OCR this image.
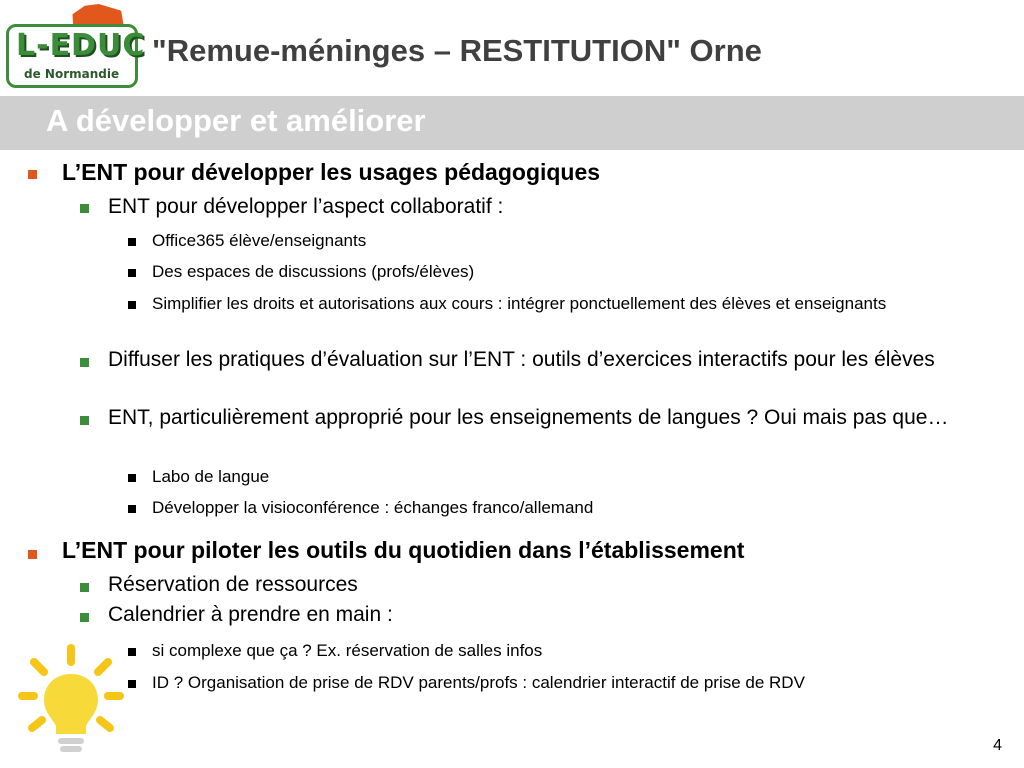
L-EDUC
de Normandie
"Remue-méninges – RESTITUTION" Orne
A développer et améliorer
L’ENT pour développer les usages pédagogiques
ENT pour développer l’aspect collaboratif :
Office365 élève/enseignants
Des espaces de discussions (profs/élèves)
Simplifier les droits et autorisations aux cours : intégrer ponctuellement des élèves et enseignants
Diffuser les pratiques d’évaluation sur l’ENT : outils d’exercices interactifs pour les élèves
ENT, particulièrement approprié pour les enseignements de langues ? Oui mais pas que…
Labo de langue
Développer la visioconférence : échanges franco/allemand
L’ENT pour piloter les outils du quotidien dans l’établissement
Réservation de ressources
Calendrier à prendre en main :
si complexe que ça ? Ex. réservation de salles infos
ID ? Organisation de prise de RDV parents/profs : calendrier interactif de prise de RDV
4
